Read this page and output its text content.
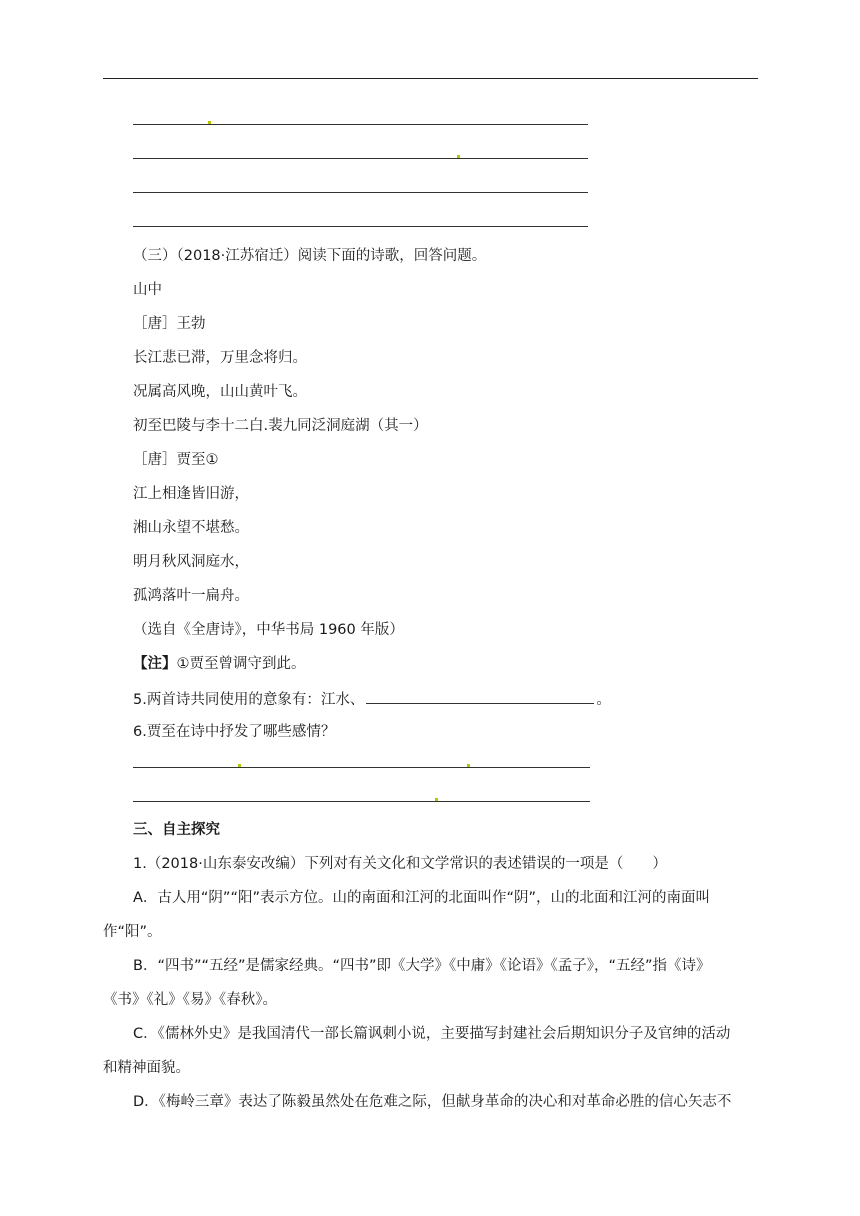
（三）（2018·江苏宿迁）阅读下面的诗歌，回答问题。
山中
［唐］王勃
长江悲已滞，万里念将归。
况属高风晚，山山黄叶飞。
初至巴陵与李十二白.裴九同泛洞庭湖（其一）
［唐］贾至①
江上相逢皆旧游，
湘山永望不堪愁。
明月秋风洞庭水，
孤鸿落叶一扁舟。
（选自《全唐诗》，中华书局 1960 年版）
【注】①贾至曾调守到此。
5.两首诗共同使用的意象有：江水、	。
6.贾至在诗中抒发了哪些感情？
三、自主探究
1.（2018·山东泰安改编）下列对有关文化和文学常识的表述错误的一项是（　　）
A．古人用“阴”“阳”表示方位。山的南面和江河的北面叫作“阴”，山的北面和江河的南面叫
作“阳”。
B．“四书”“五经”是儒家经典。“四书”即《大学》《中庸》《论语》《孟子》，“五经”指《诗》
《书》《礼》《易》《春秋》。
C．《儒林外史》是我国清代一部长篇讽刺小说，主要描写封建社会后期知识分子及官绅的活动
和精神面貌。
D．《梅岭三章》表达了陈毅虽然处在危难之际，但献身革命的决心和对革命必胜的信心矢志不
